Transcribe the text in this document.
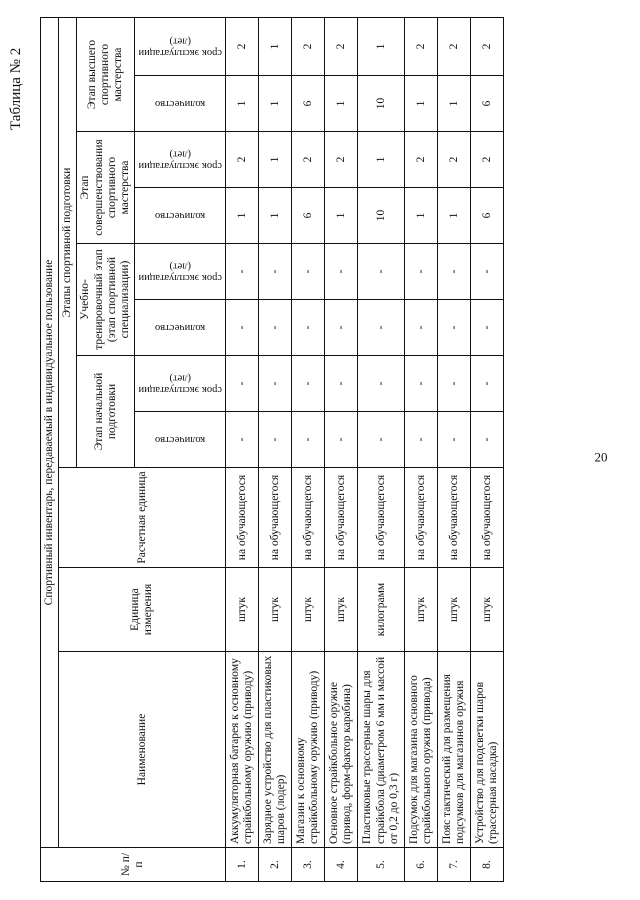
Таблица № 2
20
№ п/п	Спортивный инвентарь, передаваемый в индивидуальное пользование										
	Наименование	Единица измерения	Расчетная единица	Этапы спортивной подготовки							
				Этап начальной подготовки		Учебно-тренировочный этап (этап спортивной специализации)		Этап совершенствования спортивного мастерства		Этап высшего спортивного мастерства	

				количество	срок эксплуатации (лет)	количество	срок эксплуатации (лет)	количество	срок эксплуатации (лет)	количество	срок эксплуатации (лет)

1.	Аккумуляторная батарея к основному страйкбольному оружию (приводу)	штук	на обучающегося	-	-	-	-	1	2	1	2
2.	Зарядное устройство для пластиковых шаров (лодер)	штук	на обучающегося	-	-	-	-	1	1	1	1
3.	Магазин к основному страйкбольному оружию (приводу)	штук	на обучающегося	-	-	-	-	6	2	6	2
4.	Основное страйкбольное оружие (привод, форм-фактор карабина)	штук	на обучающегося	-	-	-	-	1	2	1	2
5.	Пластиковые трассерные шары для страйкбола (диаметром 6 мм и массой от 0,2 до 0,3 г)	килограмм	на обучающегося	-	-	-	-	10	1	10	1
6.	Подсумок для магазина основного страйкбольного оружия (привода)	штук	на обучающегося	-	-	-	-	1	2	1	2
7.	Пояс тактический для размещения подсумков для магазинов оружия	штук	на обучающегося	-	-	-	-	1	2	1	2
8.	Устройство для подсветки шаров (трассерная насадка)	штук	на обучающегося	-	-	-	-	6	2	6	2
